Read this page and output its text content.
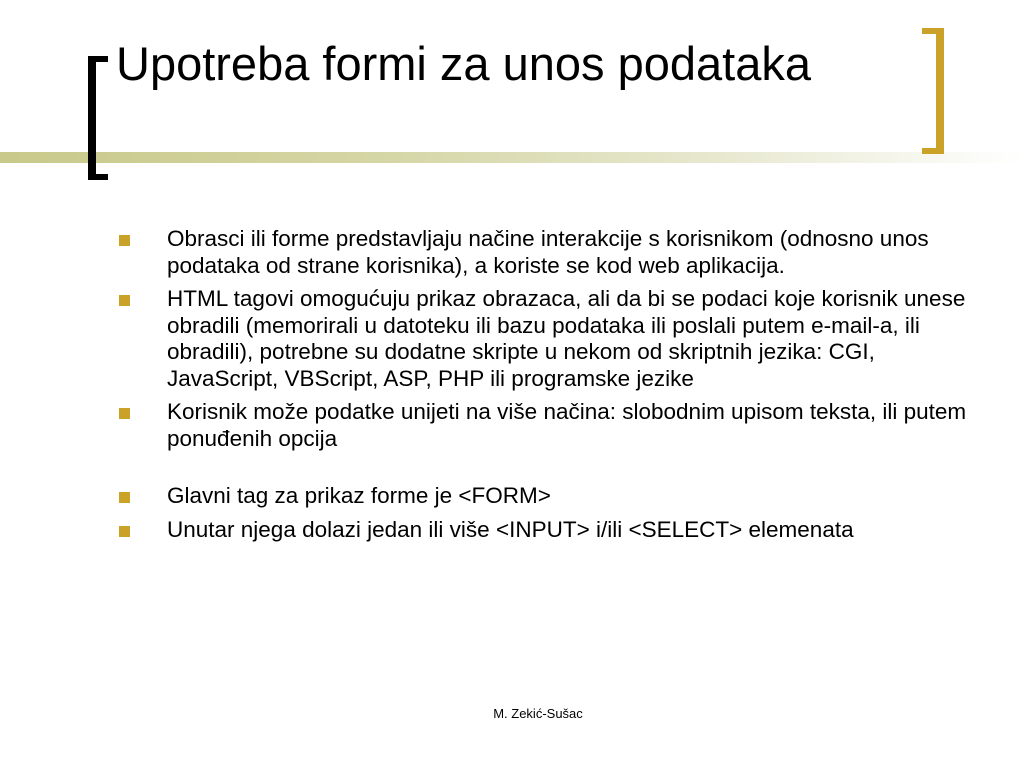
Upotreba formi za unos podataka
Obrasci ili forme predstavljaju načine interakcije s korisnikom (odnosno unos podataka od strane korisnika), a koriste se kod web aplikacija.
HTML tagovi omogućuju prikaz obrazaca, ali da bi se podaci koje korisnik unese obradili (memorirali u datoteku ili bazu podataka ili poslali putem e-mail-a, ili obradili), potrebne su dodatne skripte u nekom od skriptnih jezika: CGI, JavaScript, VBScript, ASP, PHP ili programske jezike
Korisnik može podatke unijeti na više načina: slobodnim upisom teksta, ili putem ponuđenih opcija
Glavni tag za prikaz forme je <FORM>
Unutar njega dolazi jedan ili više <INPUT> i/ili <SELECT> elemenata
M. Zekić-Sušac
